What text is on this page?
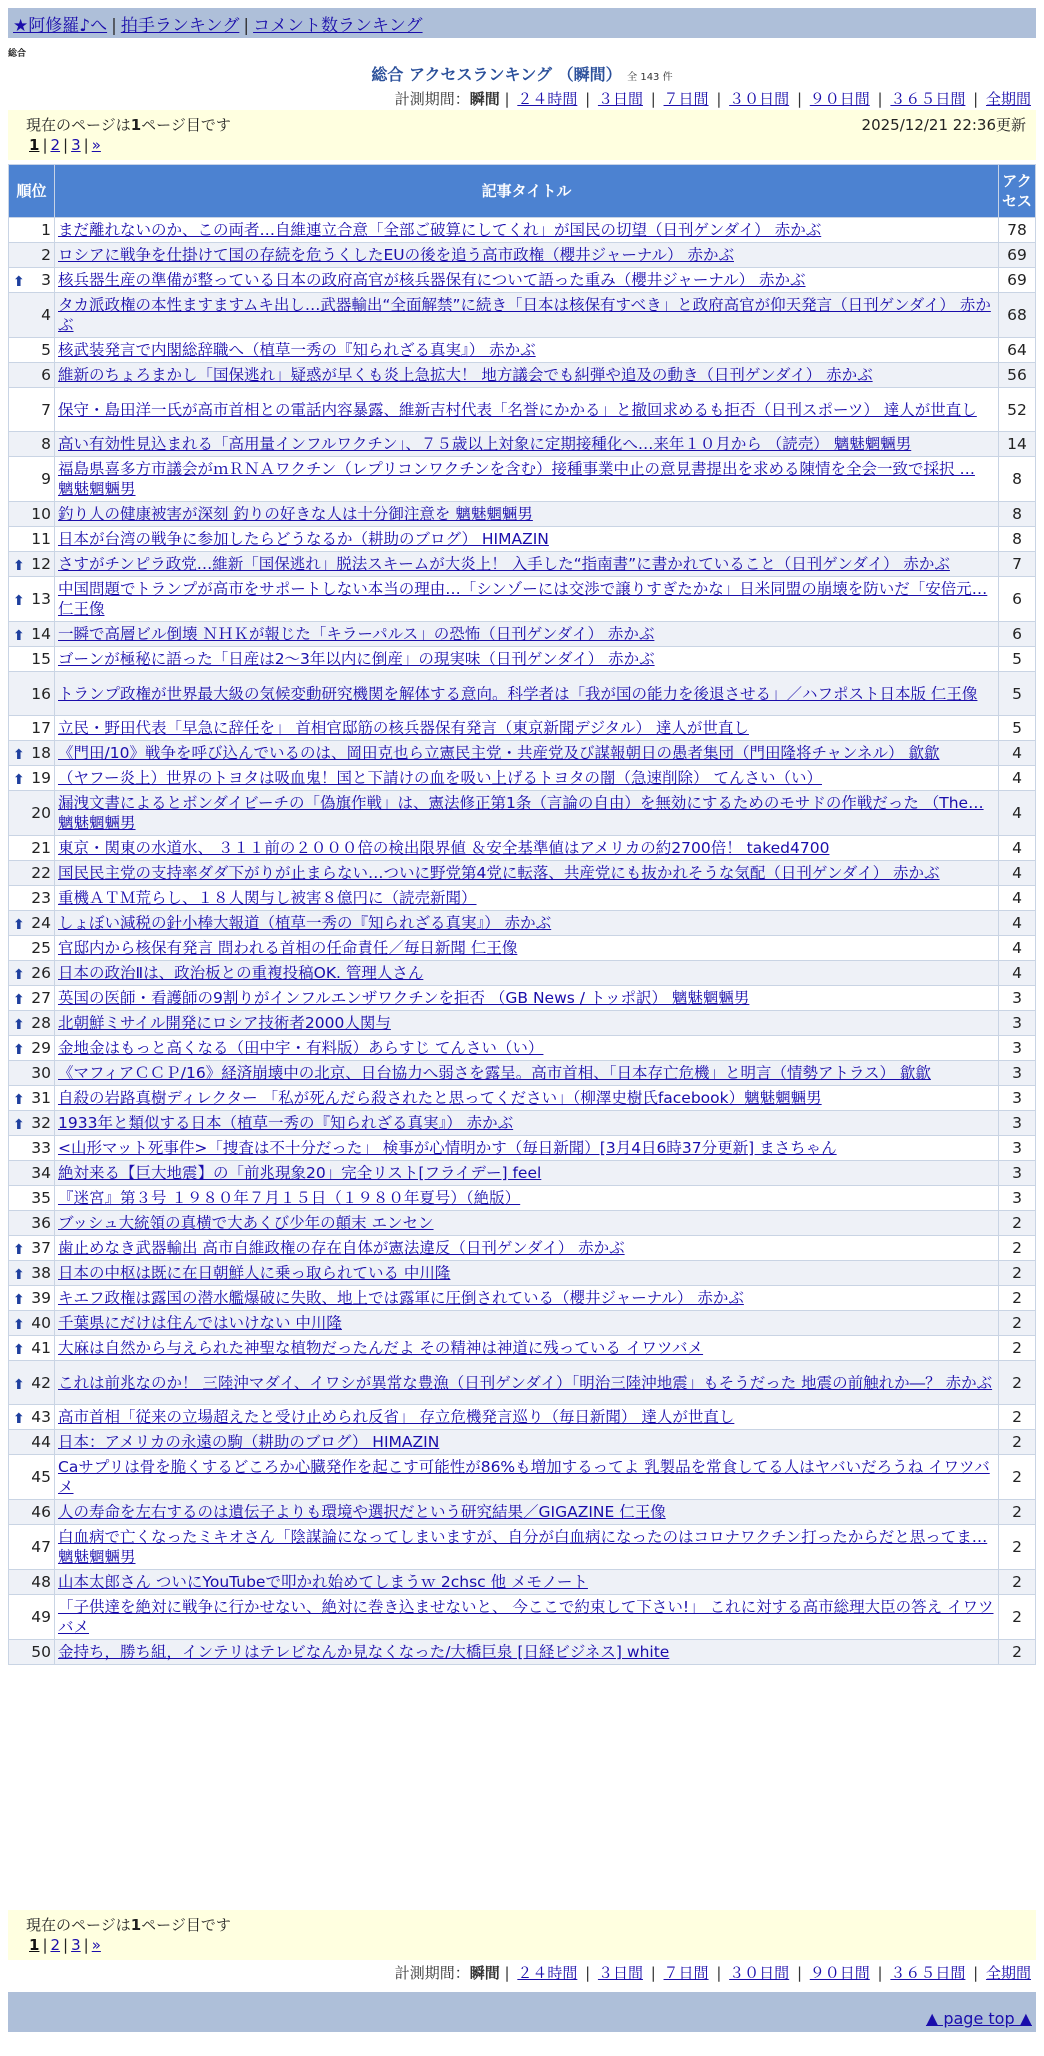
★阿修羅♪へ | 拍手ランキング | コメント数ランキング
総合
総合 アクセスランキング （瞬間） 全 143 件
計測期間：瞬間 | ２４時間 | ３日間 | ７日間 | ３０日間 | ９０日間 | ３６５日間 | 全期間
現在のページは1ページ目です	2025/12/21 22:36更新
1 | 2 | 3 | »
順位	記事タイトル	アクセス
1	まだ離れないのか、この両者…自維連立合意「全部ご破算にしてくれ」が国民の切望（日刊ゲンダイ） 赤かぶ	78
2	ロシアに戦争を仕掛けて国の存続を危うくしたEUの後を追う高市政権（櫻井ジャーナル） 赤かぶ	69

⬆ 3	核兵器生産の準備が整っている日本の政府高官が核兵器保有について語った重み（櫻井ジャーナル） 赤かぶ	69
4	タカ派政権の本性ますますムキ出し…武器輸出“全面解禁”に続き「日本は核保有すべき」と政府高官が仰天発言（日刊ゲンダイ） 赤かぶ	68
5	核武装発言で内閣総辞職へ（植草一秀の『知られざる真実』） 赤かぶ	64
6	維新のちょろまかし「国保逃れ」疑惑が早くも炎上急拡大！ 地方議会でも糾弾や追及の動き（日刊ゲンダイ） 赤かぶ	56
7	保守・島田洋一氏が高市首相との電話内容暴露、維新吉村代表「名誉にかかる」と撤回求めるも拒否（日刊スポーツ） 達人が世直し	52
8	高い有効性見込まれる「高用量インフルワクチン」、７５歳以上対象に定期接種化へ…来年１０月から （読売） 魑魅魍魎男	14
9	福島県喜多方市議会がｍＲＮＡワクチン（レプリコンワクチンを含む）接種事業中止の意見書提出を求める陳情を全会一致で採択 … 魑魅魍魎男	8
10	釣り人の健康被害が深刻 釣りの好きな人は十分御注意を 魑魅魍魎男	8
11	日本が台湾の戦争に参加したらどうなるか（耕助のブログ） HIMAZIN	8

⬆ 12	さすがチンピラ政党…維新「国保逃れ」脱法スキームが大炎上！ 入手した“指南書”に書かれていること（日刊ゲンダイ） 赤かぶ	7

⬆ 13	中国問題でトランプが高市をサポートしない本当の理由…「シンゾーには交渉で譲りすぎたかな」日米同盟の崩壊を防いだ「安倍元… 仁王像	6

⬆ 14	一瞬で高層ビル倒壊 ＮＨＫが報じた「キラーパルス」の恐怖（日刊ゲンダイ） 赤かぶ	6
15	ゴーンが極秘に語った「日産は2〜3年以内に倒産」の現実味（日刊ゲンダイ） 赤かぶ	5
16	トランプ政権が世界最大級の気候変動研究機関を解体する意向。科学者は「我が国の能力を後退させる」／ハフポスト日本版 仁王像	5
17	立民・野田代表「早急に辞任を」 首相官邸筋の核兵器保有発言（東京新聞デジタル） 達人が世直し	5

⬆ 18	《門田/10》戦争を呼び込んでいるのは、岡田克也ら立憲民主党・共産党及び謀報朝日の愚者集団（門田隆将チャンネル） 歙歙	4

⬆ 19	（ヤフー炎上）世界のトヨタは吸血鬼！国と下請けの血を吸い上げるトヨタの闇（急速削除） てんさい（い）	4
20	漏洩文書によるとボンダイビーチの「偽旗作戦」は、憲法修正第1条（言論の自由）を無効にするためのモサドの作戦だった （The… 魑魅魍魎男	4
21	東京・関東の水道水、 ３１１前の２０００倍の検出限界値 ＆安全基準値はアメリカの約2700倍！ taked4700	4
22	国民民主党の支持率ダダ下がりが止まらない…ついに野党第4党に転落、共産党にも抜かれそうな気配（日刊ゲンダイ） 赤かぶ	4
23	重機ＡＴＭ荒らし、１８人関与し被害８億円に（読売新聞）	4

⬆ 24	しょぼい減税の針小棒大報道（植草一秀の『知られざる真実』） 赤かぶ	4
25	官邸内から核保有発言 問われる首相の任命責任／毎日新聞 仁王像	4

⬆ 26	日本の政治Ⅱは、政治板との重複投稿OK. 管理人さん	4

⬆ 27	英国の医師・看護師の9割りがインフルエンザワクチンを拒否 （GB News / トッポ訳） 魑魅魍魎男	3

⬆ 28	北朝鮮ミサイル開発にロシア技術者2000人関与	3

⬆ 29	金地金はもっと高くなる（田中宇・有料版）あらすじ てんさい（い）	3
30	《マフィアＣＣＰ/16》経済崩壊中の北京、日台協力へ弱さを露呈。高市首相、「日本存亡危機」と明言（情勢アトラス） 歙歙	3

⬆ 31	自殺の岩路真樹ディレクター 「私が死んだら殺されたと思ってください」（柳澤史樹氏facebook）魑魅魍魎男	3

⬆ 32	1933年と類似する日本（植草一秀の『知られざる真実』） 赤かぶ	3
33	<山形マット死事件>「捜査は不十分だった」 検事が心情明かす（毎日新聞）[3月4日6時37分更新] まさちゃん	3
34	絶対来る【巨大地震】の「前兆現象20」完全リスト[フライデー] feel	3
35	『迷宮』第３号 １９８０年７月１５日（１９８０年夏号）（絶版）	3
36	ブッシュ大統領の真横で大あくび少年の顛末 エンセン	2

⬆ 37	歯止めなき武器輸出 高市自維政権の存在自体が憲法違反（日刊ゲンダイ） 赤かぶ	2

⬆ 38	日本の中枢は既に在日朝鮮人に乗っ取られている 中川隆	2

⬆ 39	キエフ政権は露国の潜水艦爆破に失敗、地上では露軍に圧倒されている（櫻井ジャーナル） 赤かぶ	2

⬆ 40	千葉県にだけは住んではいけない 中川隆	2

⬆ 41	大麻は自然から与えられた神聖な植物だったんだよ その精神は神道に残っている イワツバメ	2

⬆ 42	これは前兆なのか！ 三陸沖マダイ、イワシが異常な豊漁（日刊ゲンダイ）「明治三陸沖地震」もそうだった 地震の前触れか―？ 赤かぶ	2

⬆ 43	高市首相「従来の立場超えたと受け止められ反省」 存立危機発言巡り（毎日新聞） 達人が世直し	2
44	日本：アメリカの永遠の駒（耕助のブログ） HIMAZIN	2
45	Caサプリは骨を脆くするどころか心臓発作を起こす可能性が86%も増加するってよ 乳製品を常食してる人はヤバいだろうね イワツバメ	2
46	人の寿命を左右するのは遺伝子よりも環境や選択だという研究結果／GIGAZINE 仁王像	2
47	白血病で亡くなったミキオさん「陰謀論になってしまいますが、自分が白血病になったのはコロナワクチン打ったからだと思ってま… 魑魅魍魎男	2
48	山本太郎さん ついにYouTubeで叩かれ始めてしまうｗ 2chsc 他 メモノート	2
49	「子供達を絶対に戦争に行かせない、絶対に巻き込ませないと、 今ここで約束して下さい!」 これに対する高市総理大臣の答え イワツバメ	2
50	金持ち，勝ち組，インテリはテレビなんか見なくなった/大橋巨泉 [日経ビジネス] white	2
現在のページは1ページ目です
1 | 2 | 3 | »
計測期間：瞬間 | ２４時間 | ３日間 | ７日間 | ３０日間 | ９０日間 | ３６５日間 | 全期間
▲ page top ▲
